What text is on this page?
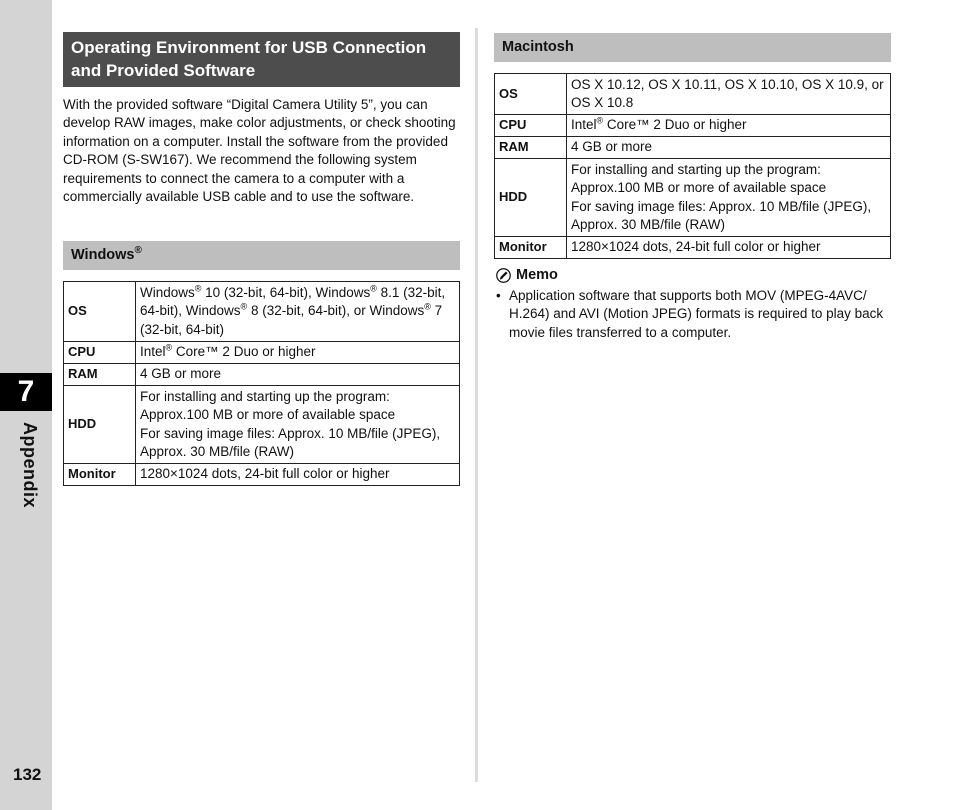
7
Appendix
132
Operating Environment for USB Connection and Provided Software

With the provided software “Digital Camera Utility 5”, you can develop RAW images, make color adjustments, or check shooting information on a computer. Install the software from the provided CD-ROM (S-SW167). We recommend the following system requirements to connect the camera to a computer with a commercially available USB cable and to use the software.

Windows®
OS	Windows® 10 (32-bit, 64-bit), Windows® 8.1 (32-bit, 64-bit), Windows® 8 (32-bit, 64-bit), or Windows® 7 (32-bit, 64-bit)
CPU	Intel® Core™ 2 Duo or higher
RAM	4 GB or more
HDD	For installing and starting up the program: Approx.100 MB or more of available space
For saving image files: Approx. 10 MB/file (JPEG), Approx. 30 MB/file (RAW)

Monitor	1280×1024 dots, 24-bit full color or higher
Macintosh
OS	OS X 10.12, OS X 10.11, OS X 10.10, OS X 10.9, or OS X 10.8
CPU	Intel® Core™ 2 Duo or higher
RAM	4 GB or more
HDD	For installing and starting up the program: Approx.100 MB or more of available space
For saving image files: Approx. 10 MB/file (JPEG), Approx. 30 MB/file (RAW)

Monitor	1280×1024 dots, 24-bit full color or higher
Memo
• Application software that supports both MOV (MPEG-4AVC/ H.264) and AVI (Motion JPEG) formats is required to play back movie files transferred to a computer.
